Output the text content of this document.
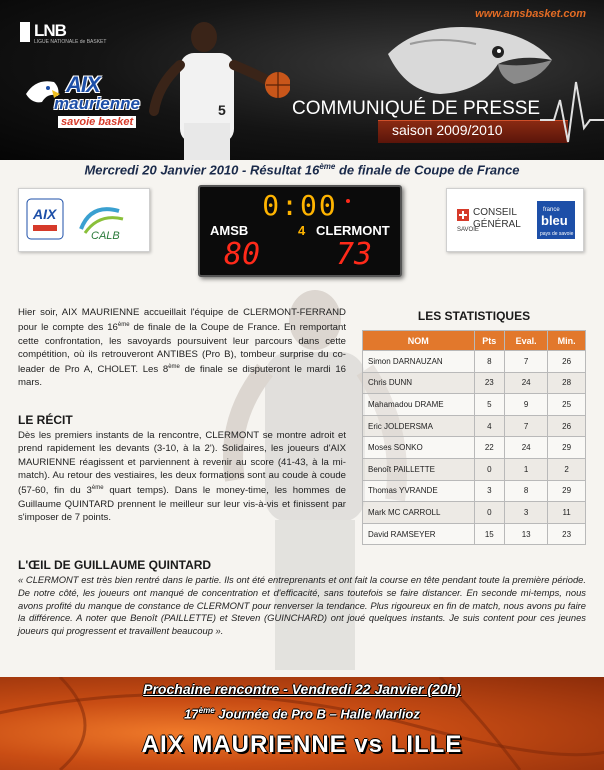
LNB
LIGUE NATIONALE de BASKET
www.amsbasket.com
5
AIX
maurienne
savoie basket
COMMUNIQUÉ DE PRESSE
saison 2009/2010
Mercredi 20 Janvier 2010 - Résultat 16ème de finale de Coupe de France
AIX
CALB	SAVOIE
CONSEIL
GÉNÉRAL
france
bleu
pays de savoie
0:00
AMSB	4 CLERMONT
80	73
Hier soir, AIX MAURIENNE accueillait l'équipe de CLERMONT-FERRAND pour le compte des 16ème de finale de la Coupe de France. En remportant cette confrontation, les savoyards poursuivent leur parcours dans cette compétition, où ils retrouveront ANTIBES (Pro B), tombeur surprise du co-leader de Pro A, CHOLET. Les 8ème de finale se disputeront le mardi 16 mars.
LE RÉCIT
Dès les premiers instants de la rencontre, CLERMONT se montre adroit et prend rapidement les devants (3-10, à la 2'). Solidaires, les joueurs d'AIX MAURIENNE réagissent et parviennent à revenir au score (41-43, à la mi-match). Au retour des vestiaires, les deux formations sont au coude à coude (57-60, fin du 3ème quart temps). Dans le money-time, les hommes de Guillaume QUINTARD prennent le meilleur sur leur vis-à-vis et finissent par s'imposer de 7 points.
L'ŒIL DE GUILLAUME QUINTARD
« CLERMONT est très bien rentré dans le partie. Ils ont été entreprenants et ont fait la course en tête pendant toute la première période. De notre côté, les joueurs ont manqué de concentration et d'efficacité, sans toutefois se faire distancer. En seconde mi-temps, nous avons profité du manque de constance de CLERMONT pour renverser la tendance. Plus rigoureux en fin de match, nous avons pu faire la différence. A noter que Benoît (PAILLETTE) et Steven (GUINCHARD) ont joué quelques instants. Je suis content pour ces jeunes joueurs qui progressent et travaillent beaucoup ».
LES STATISTIQUES
NOM	Pts	Eval.	Min.
Simon DARNAUZAN	8	7	26
Chris DUNN	23	24	28
Mahamadou DRAME	5	9	25
Eric JOLDERSMA	4	7	26
Moses SONKO	22	24	29
Benoît PAILLETTE	0	1	2
Thomas YVRANDE	3	8	29
Mark MC CARROLL	0	3	11
David RAMSEYER	15	13	23
Prochaine rencontre - Vendredi 22 Janvier (20h)
17ème Journée de Pro B – Halle Marlioz
AIX MAURIENNE vs LILLE
